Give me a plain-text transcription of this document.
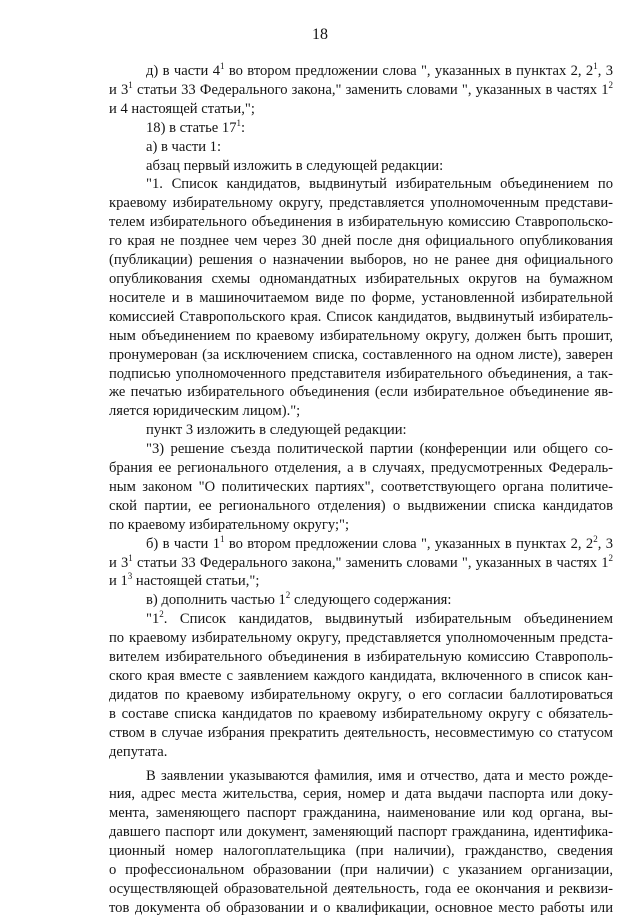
18
д) в части $4^1$ во втором предложении слова ", указанных в пунктах 2, $2^1$, 3
и $3^1$ статьи 33 Федерального закона," заменить словами ", указанных в частях $1^2$
и 4 настоящей статьи,";
18) в статье $17^1$:
а) в части 1:
абзац первый изложить в следующей редакции:
"1. Список кандидатов, выдвинутый избирательным объединением по
краевому избирательному округу, представляется уполномоченным представи-
телем избирательного объединения в избирательную комиссию Ставропольско-
го края не позднее чем через 30 дней после дня официального опубликования
(публикации) решения о назначении выборов, но не ранее дня официального
опубликования схемы одномандатных избирательных округов на бумажном
носителе и в машиночитаемом виде по форме, установленной избирательной
комиссией Ставропольского края. Список кандидатов, выдвинутый избиратель-
ным объединением по краевому избирательному округу, должен быть прошит,
пронумерован (за исключением списка, составленного на одном листе), заверен
подписью уполномоченного представителя избирательного объединения, а так-
же печатью избирательного объединения (если избирательное объединение яв-
ляется юридическим лицом).";
пункт 3 изложить в следующей редакции:
"3) решение съезда политической партии (конференции или общего со-
брания ее регионального отделения, а в случаях, предусмотренных Федераль-
ным законом "О политических партиях", соответствующего органа политиче-
ской партии, ее регионального отделения) о выдвижении списка кандидатов
по краевому избирательному округу;";
б) в части $1^1$ во втором предложении слова ", указанных в пунктах 2, $2^2$, 3
и $3^1$ статьи 33 Федерального закона," заменить словами ", указанных в частях $1^2$
и $1^3$ настоящей статьи,";
в) дополнить частью $1^2$ следующего содержания:
"$1^2$. Список кандидатов, выдвинутый избирательным объединением
по краевому избирательному округу, представляется уполномоченным предста-
вителем избирательного объединения в избирательную комиссию Ставрополь-
ского края вместе с заявлением каждого кандидата, включенного в список кан-
дидатов по краевому избирательному округу, о его согласии баллотироваться
в составе списка кандидатов по краевому избирательному округу с обязатель-
ством в случае избрания прекратить деятельность, несовместимую со статусом
депутата.
В заявлении указываются фамилия, имя и отчество, дата и место рожде-
ния, адрес места жительства, серия, номер и дата выдачи паспорта или доку-
мента, заменяющего паспорт гражданина, наименование или код органа, вы-
давшего паспорт или документ, заменяющий паспорт гражданина, идентифика-
ционный номер налогоплательщика (при наличии), гражданство, сведения
о профессиональном образовании (при наличии) с указанием организации,
осуществляющей образовательной деятельность, года ее окончания и реквизи-
тов документа об образовании и о квалификации, основное место работы или
